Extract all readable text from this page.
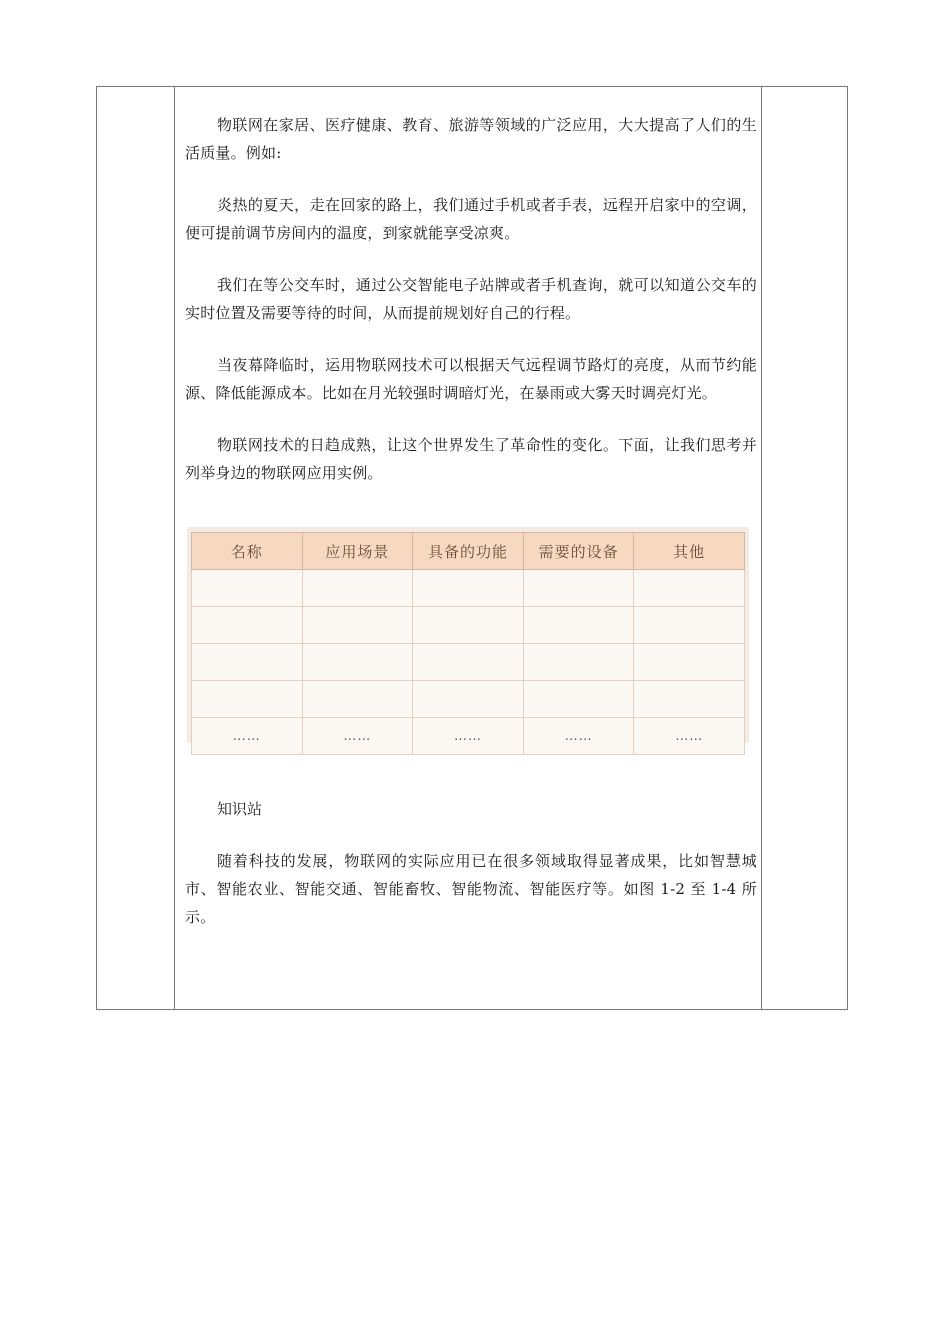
物联网在家居、医疗健康、教育、旅游等领域的广泛应用，大大提高了人们的生活质量。例如:

炎热的夏天，走在回家的路上，我们通过手机或者手表，远程开启家中的空调，便可提前调节房间内的温度，到家就能享受凉爽。

我们在等公交车时，通过公交智能电子站牌或者手机查询，就可以知道公交车的实时位置及需要等待的时间，从而提前规划好自己的行程。

当夜幕降临时，运用物联网技术可以根据天气远程调节路灯的亮度，从而节约能源、降低能源成本。比如在月光较强时调暗灯光，在暴雨或大雾天时调亮灯光。

物联网技术的日趋成熟，让这个世界发生了革命性的变化。下面，让我们思考并列举身边的物联网应用实例。

名称	应用场景	具备的功能	需要的设备	其他

……	……	……	……	……

知识站

随着科技的发展，物联网的实际应用已在很多领域取得显著成果，比如智慧城市、智能农业、智能交通、智能畜牧、智能物流、智能医疗等。如图 1-2 至 1-4 所示。
